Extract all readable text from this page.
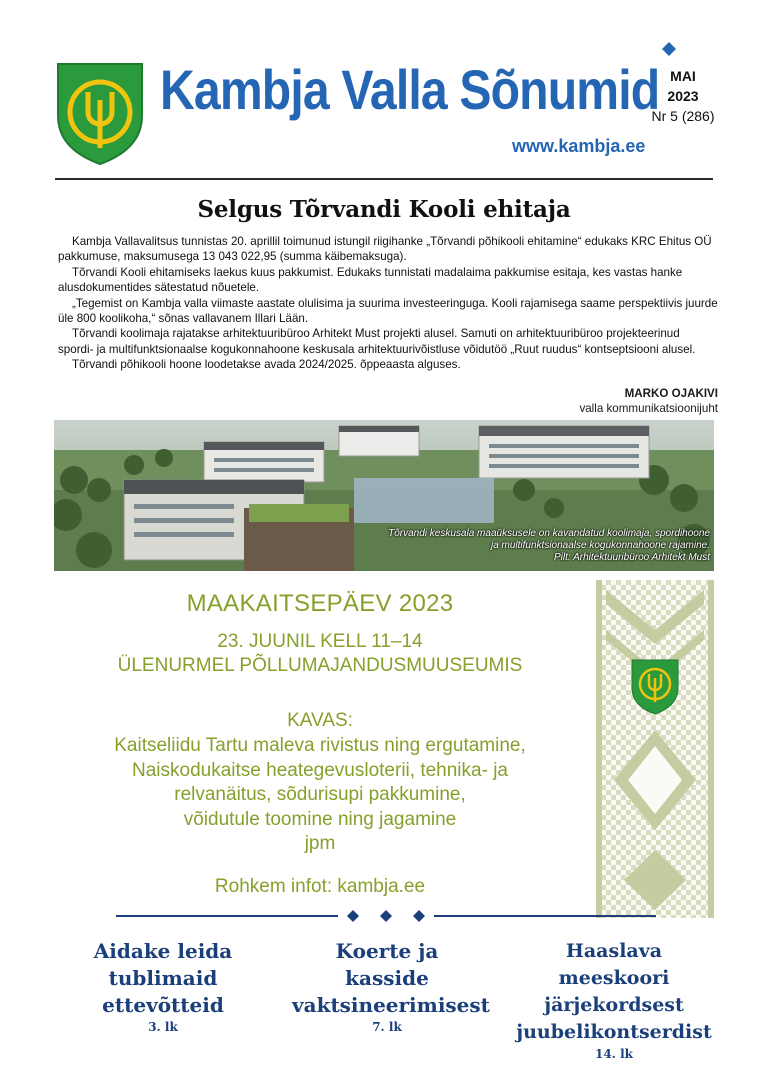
Kambja Valla Sõnumid
www.kambja.ee
MAI
2023
Nr 5 (286)
Selgus Tõrvandi Kooli ehitaja

Kambja Vallavalitsus tunnistas 20. aprillil toimunud istungil riigihanke „Tõrvandi põhikooli ehitamine“ edukaks KRC Ehitus OÜ pakkumuse, maksumusega 13 043 022,95 (summa käibemaksuga).

Tõrvandi Kooli ehitamiseks laekus kuus pakkumist. Edukaks tunnistati madalaima pakkumise esitaja, kes vastas hanke alusdokumentides sätestatud nõuetele.

„Tegemist on Kambja valla viimaste aastate olulisima ja suurima investeeringuga. Kooli rajamisega saame perspektiivis juurde üle 800 koolikoha,“ sõnas vallavanem Illari Lään.

Tõrvandi koolimaja rajatakse arhitektuuribüroo Arhitekt Must projekti alusel. Samuti on arhitektuuribüroo projekteerinud spordi- ja multifunktsionaalse kogukonnahoone keskusala arhitektuurivõistluse võidutöö „Ruut ruudus“ kontseptsiooni alusel.

Tõrvandi põhikooli hoone loodetakse avada 2024/2025. õppeaasta alguses.

MARKO OJAKIVI
valla kommunikatsioonijuht
Tõrvandi keskusala maaüksusele on kavandatud koolimaja, spordihoone
ja multifunktsionaalse kogukonnahoone rajamine.
Pilt: Arhitektuuribüroo Arhitekt Must
MAAKAITSEPÄEV 2023
23. JUUNIL KELL 11–14
ÜLENURMEL PÕLLUMAJANDUSMUUSEUMIS
KAVAS:
Kaitseliidu Tartu maleva rivistus ning ergutamine,
Naiskodukaitse heategevusloterii, tehnika- ja
relvanäitus, sõdurisupi pakkumine,
võidutule toomine ning jagamine
jpm
Rohkem infot: kambja.ee
Aidake leida
tublimaid
ettevõtteid
3. lk
Koerte ja
kasside
vaktsineerimisest
7. lk
Haaslava meeskoori
järjekordsest
juubelikontserdist
14. lk
